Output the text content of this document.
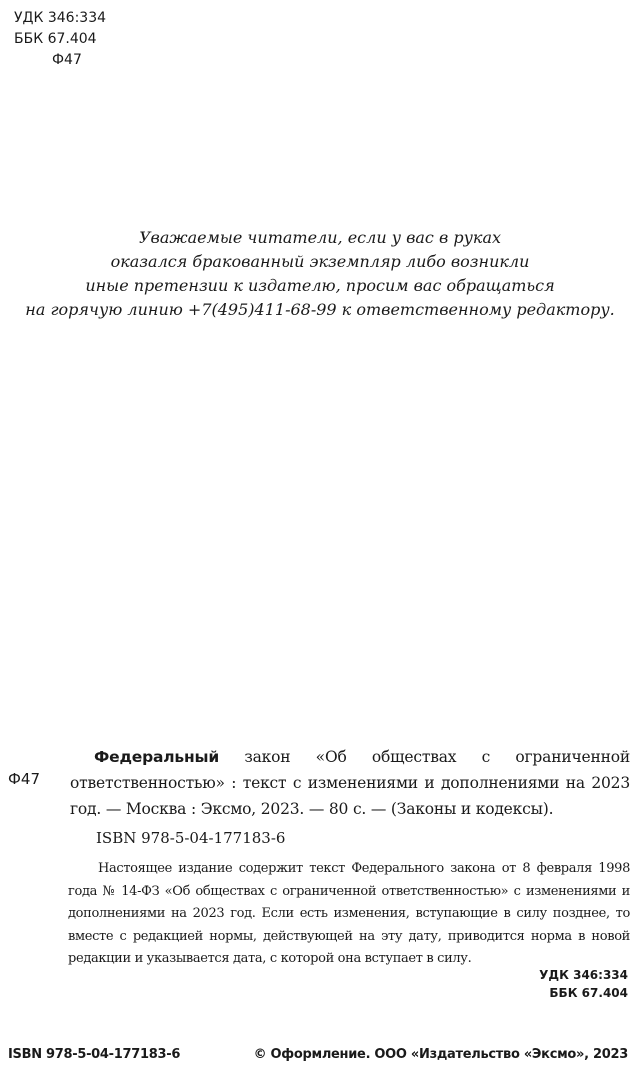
УДК 346:334
ББК 67.404
Ф47
Уважаемые читатели, если у вас в руках
оказался бракованный экземпляр либо возникли
иные претензии к издателю, просим вас обращаться
на горячую линию +7(495)411-68-99 к ответственному редактору.
Ф47
Федеральный закон «Об обществах с ограниченной ответственностью» : текст с изменениями и дополнениями на 2023 год. — Москва : Эксмо, 2023. — 80 с. — (Законы и кодексы).
ISBN 978-5-04-177183-6
Настоящее издание содержит текст Федерального закона от 8 февраля 1998 года № 14-ФЗ «Об обществах с ограниченной ответственностью» с изменениями и дополнениями на 2023 год. Если есть изменения, вступающие в силу позднее, то вместе с редакцией нормы, действующей на эту дату, приводится норма в новой редакции и указывается дата, с которой она вступает в силу.
УДК 346:334
ББК 67.404
ISBN 978-5-04-177183-6	© Оформление. ООО «Издательство «Эксмо», 2023
